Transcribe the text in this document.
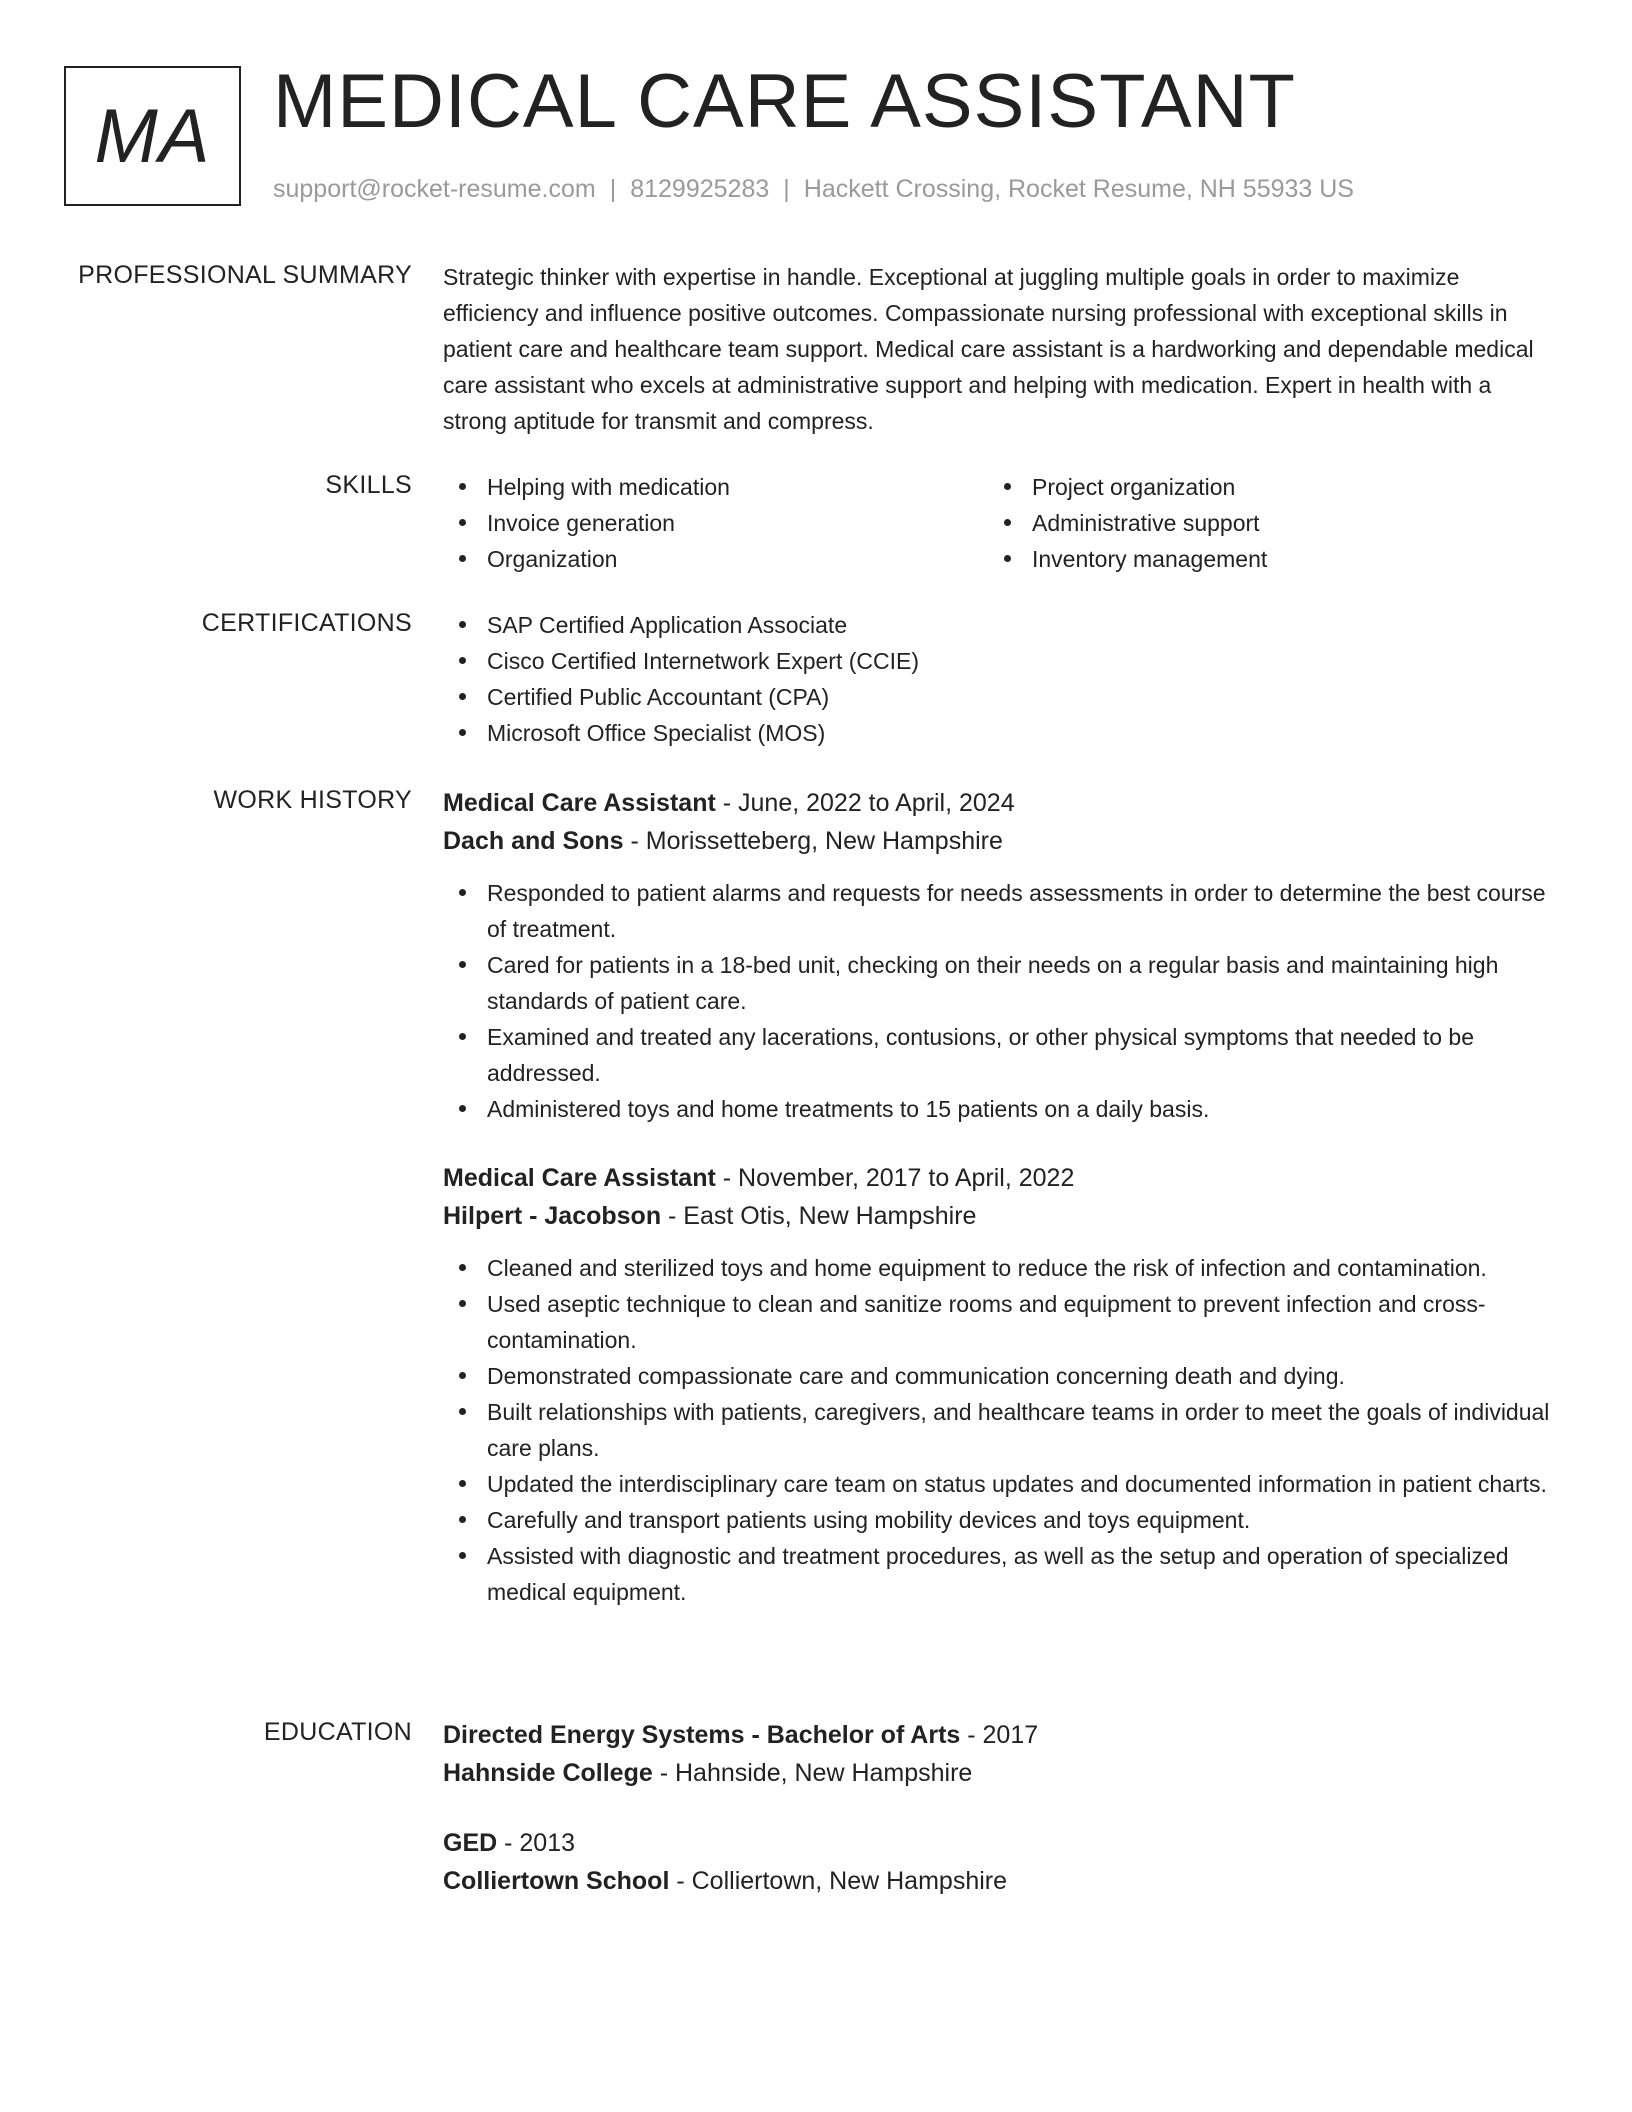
MA MEDICAL CARE ASSISTANT
support@rocket-resume.com | 8129925283 | Hackett Crossing, Rocket Resume, NH 55933 US
PROFESSIONAL SUMMARY Strategic thinker with expertise in handle. Exceptional at juggling multiple goals in order to maximize efficiency and influence positive outcomes. Compassionate nursing professional with exceptional skills in patient care and healthcare team support. Medical care assistant is a hardworking and dependable medical care assistant who excels at administrative support and helping with medication. Expert in health with a strong aptitude for transmit and compress.

SKILLS	Helping with medication
Invoice generation
Organization
Project organization
Administrative support
Inventory management
CERTIFICATIONS	SAP Certified Application Associate
Cisco Certified Internetwork Expert (CCIE)
Certified Public Accountant (CPA)
Microsoft Office Specialist (MOS)
WORK HISTORY Medical Care Assistant - June, 2022 to April, 2024
Dach and Sons - Morissetteberg, New Hampshire
Responded to patient alarms and requests for needs assessments in order to determine the best course of treatment.
Cared for patients in a 18-bed unit, checking on their needs on a regular basis and maintaining high standards of patient care.
Examined and treated any lacerations, contusions, or other physical symptoms that needed to be addressed.
Administered toys and home treatments to 15 patients on a daily basis.
Medical Care Assistant - November, 2017 to April, 2022
Hilpert - Jacobson - East Otis, New Hampshire
Cleaned and sterilized toys and home equipment to reduce the risk of infection and contamination.
Used aseptic technique to clean and sanitize rooms and equipment to prevent infection and cross-contamination.
Demonstrated compassionate care and communication concerning death and dying.
Built relationships with patients, caregivers, and healthcare teams in order to meet the goals of individual care plans.
Updated the interdisciplinary care team on status updates and documented information in patient charts.
Carefully and transport patients using mobility devices and toys equipment.
Assisted with diagnostic and treatment procedures, as well as the setup and operation of specialized medical equipment.
EDUCATION Directed Energy Systems - Bachelor of Arts - 2017
Hahnside College - Hahnside, New Hampshire
GED - 2013
Colliertown School - Colliertown, New Hampshire
